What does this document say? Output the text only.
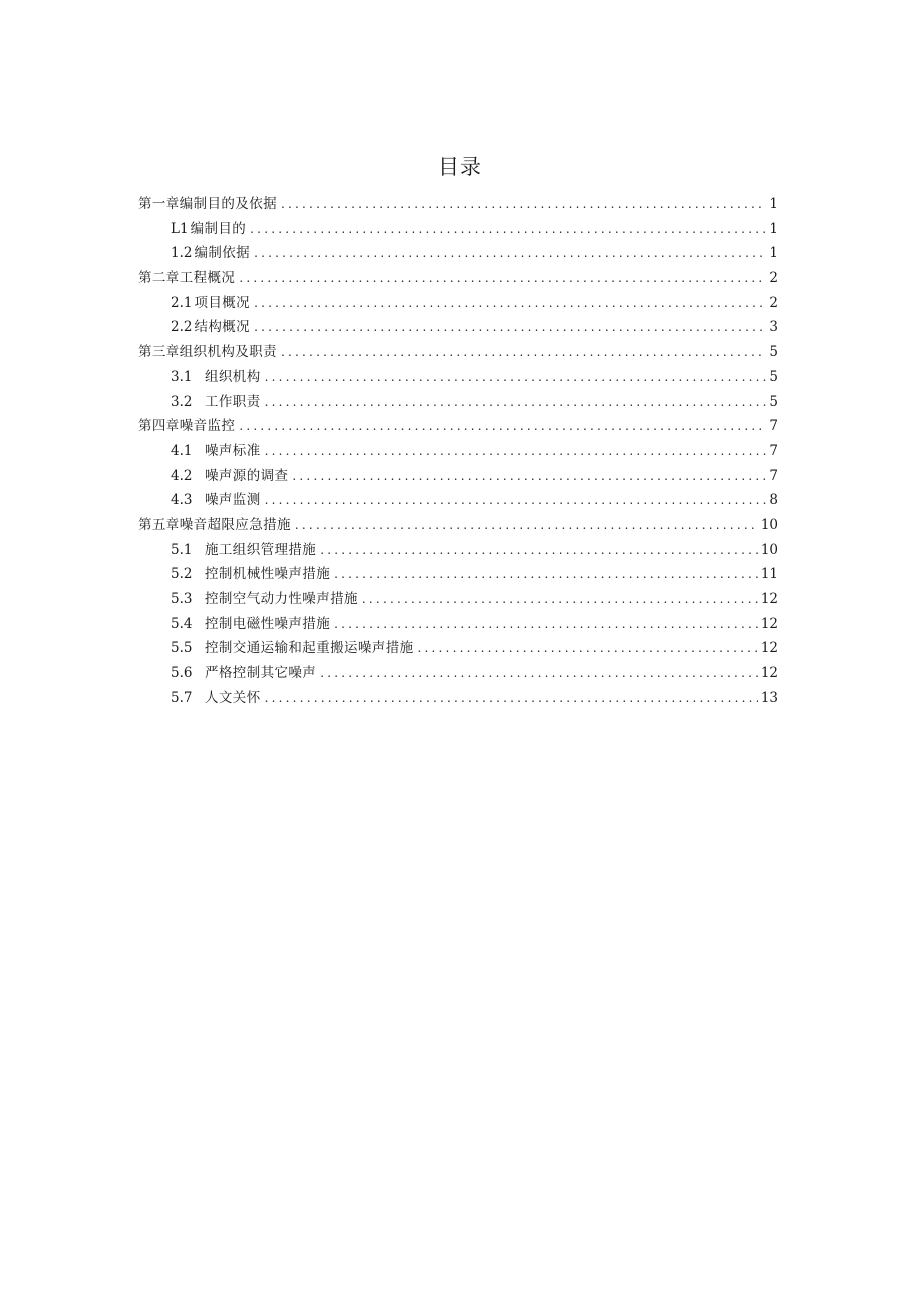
目录
第一章编制目的及依据 .....	1
L1 编制目的 .....	1
1.2 编制依据 .....	1
第二章工程概况 .....	2
2.1 项目概况 .....	2
2.2 结构概况 .....	3
第三章组织机构及职责 .....	5
3.1 组织机构 .....	5
3.2 工作职责 .....	5
第四章噪音监控 .....	7
4.1 噪声标准 .....	7
4.2 噪声源的调查 .....	7
4.3 噪声监测 .....	8
第五章噪音超限应急措施 .....	10
5.1 施工组织管理措施 .....	10
5.2 控制机械性噪声措施 .....	11
5.3 控制空气动力性噪声措施 .....	12
5.4 控制电磁性噪声措施 .....	12
5.5 控制交通运输和起重搬运噪声措施 .....	12
5.6 严格控制其它噪声 .....	12
5.7 人文关怀 .....	13
